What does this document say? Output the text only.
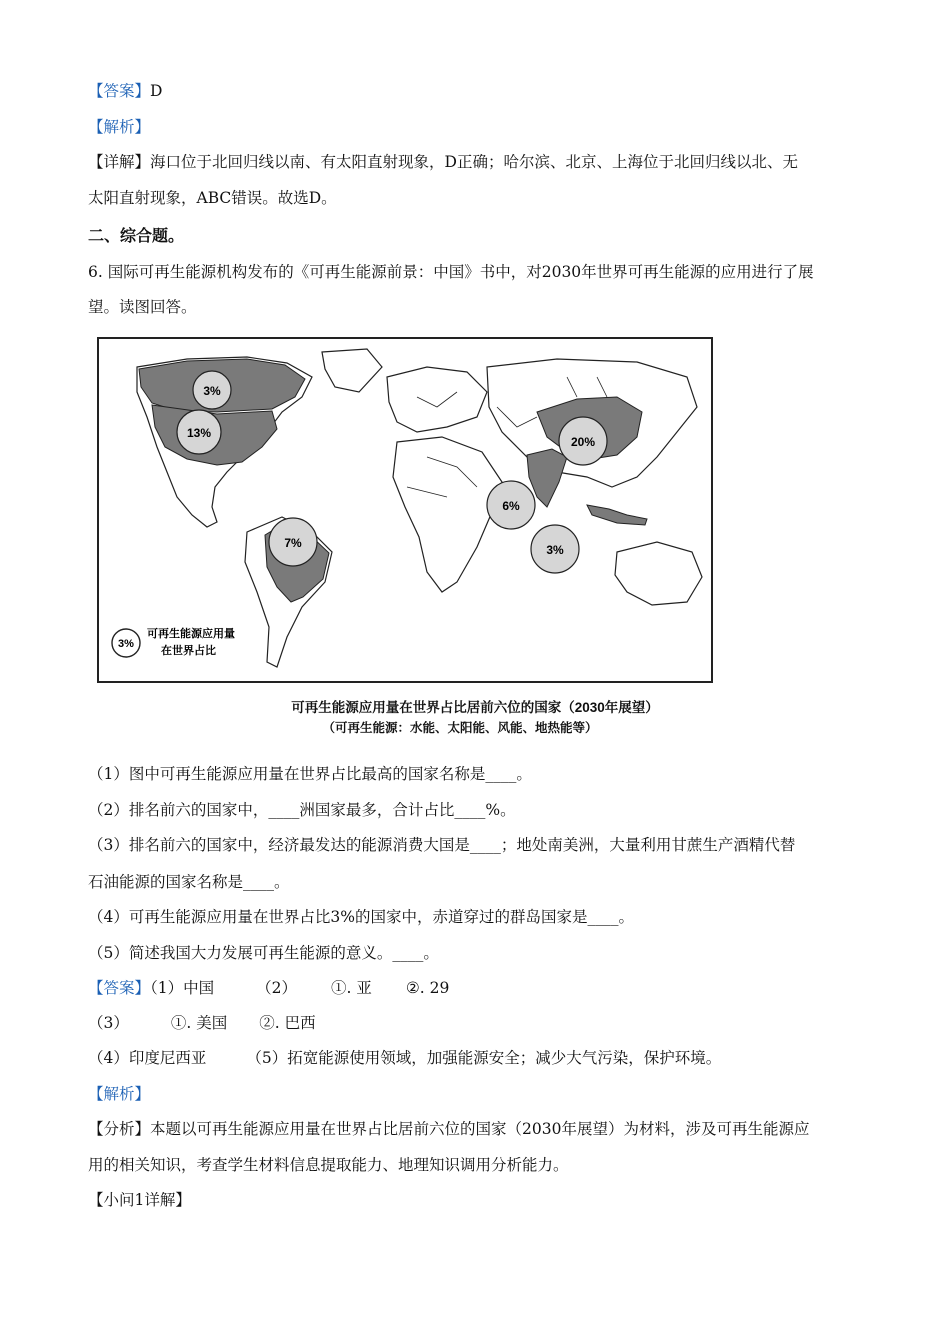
【答案】D
【解析】
【详解】海口位于北回归线以南、有太阳直射现象，D正确；哈尔滨、北京、上海位于北回归线以北、无
太阳直射现象，ABC错误。故选D。
二、综合题。
6. 国际可再生能源机构发布的《可再生能源前景：中国》书中，对2030年世界可再生能源的应用进行了展
望。读图回答。
3%
13%
7%
20%
6%
3%
3%
可再生能源应用量
在世界占比
可再生能源应用量在世界占比居前六位的国家（2030年展望）
（可再生能源：水能、太阳能、风能、地热能等）
（1）图中可再生能源应用量在世界占比最高的国家名称是____。
（2）排名前六的国家中，____洲国家最多，合计占比____%。
（3）排名前六的国家中，经济最发达的能源消费大国是____；地处南美洲，大量利用甘蔗生产酒精代替
石油能源的国家名称是____。
（4）可再生能源应用量在世界占比3%的国家中，赤道穿过的群岛国家是____。
（5）简述我国大力发展可再生能源的意义。____。
【答案】（1）中国	（2） ①. 亚 ②. 29
（3）	①. 美国 ②. 巴西
（4）印度尼西亚	（5）拓宽能源使用领域，加强能源安全；减少大气污染，保护环境。
【解析】
【分析】本题以可再生能源应用量在世界占比居前六位的国家（2030年展望）为材料，涉及可再生能源应
用的相关知识，考查学生材料信息提取能力、地理知识调用分析能力。
【小问1详解】
